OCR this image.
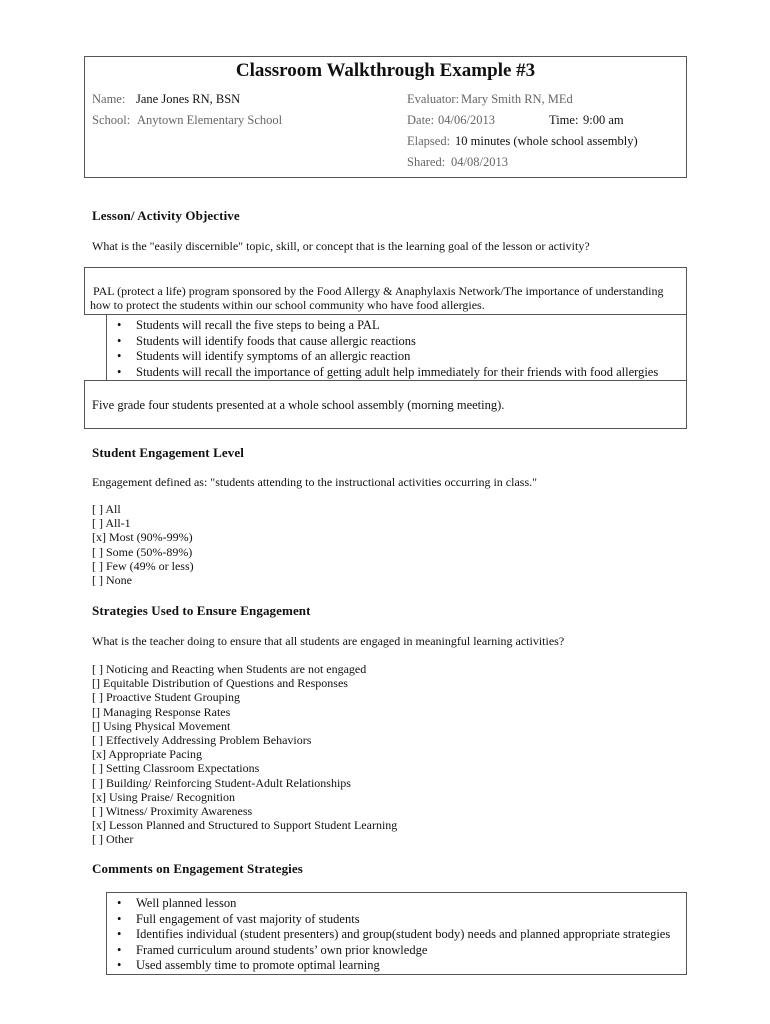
Classroom Walkthrough Example #3
Name: Jane Jones RN, BSN
School: Anytown Elementary School
Evaluator: Mary Smith RN, MEd
Date: 04/06/2013	Time: 9:00 am
Elapsed: 10 minutes (whole school assembly)
Shared: 04/08/2013
Lesson/ Activity Objective
What is the "easily discernible" topic, skill, or concept that is the learning goal of the lesson or activity?
PAL (protect a life) program sponsored by the Food Allergy & Anaphylaxis Network/The importance of understanding
how to protect the students within our school community who have food allergies.
• Students will recall the five steps to being a PAL
• Students will identify foods that cause allergic reactions
• Students will identify symptoms of an allergic reaction
• Students will recall the importance of getting adult help immediately for their friends with food allergies
Five grade four students presented at a whole school assembly (morning meeting).
Student Engagement Level
Engagement defined as: "students attending to the instructional activities occurring in class."
[ ] All
[ ] All-1
[x] Most (90%-99%)
[ ] Some (50%-89%)
[ ] Few (49% or less)
[ ] None
Strategies Used to Ensure Engagement
What is the teacher doing to ensure that all students are engaged in meaningful learning activities?
[ ] Noticing and Reacting when Students are not engaged
[] Equitable Distribution of Questions and Responses
[ ] Proactive Student Grouping
[] Managing Response Rates
[] Using Physical Movement
[ ] Effectively Addressing Problem Behaviors
[x] Appropriate Pacing
[ ] Setting Classroom Expectations
[ ] Building/ Reinforcing Student-Adult Relationships
[x] Using Praise/ Recognition
[ ] Witness/ Proximity Awareness
[x] Lesson Planned and Structured to Support Student Learning
[ ] Other
Comments on Engagement Strategies
• Well planned lesson
• Full engagement of vast majority of students
• Identifies individual (student presenters) and group(student body) needs and planned appropriate strategies
• Framed curriculum around students’ own prior knowledge
• Used assembly time to promote optimal learning
